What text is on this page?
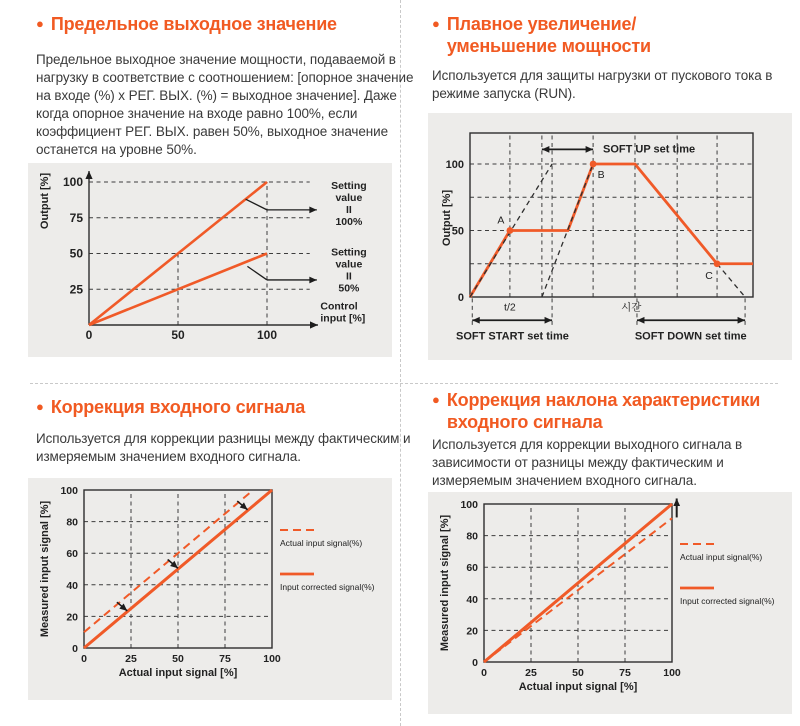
● Предельное выходное значение

Предельное выходное значение мощности, подаваемой в нагрузку в соответствие с соотношением: [опорное значение на входе (%) x РЕГ. ВЫХ. (%) = выходное значение]. Даже когда опорное значение на входе равно 100%, если коэффициент РЕГ. ВЫХ. равен 50%, выходное значение останется на уровне 50%.

Setting
value
II
100%
Setting
value
II
50%
Control
input [%]
0	50	100
25
50
75
100
Output [%]
● Плавное увеличение/
уменьшение мощности

Используется для защиты нагрузки от пускового тока в режиме запуска (RUN).

A
B
C
SOFT UP set time
t/2	시간
SOFT START set time	SOFT DOWN set time
0
50
100
Output [%]
● Коррекция входного сигнала

Используется для коррекции разницы между фактическим и измеряемым значением входного сигнала.

0	25	50	75	100
0
20
40
60
80
100
Measured input signal [%]
Actual input signal [%]
Actual input signal(%)
Input corrected signal(%)
● Коррекция наклона характеристики
входного сигнала

Используется для коррекции выходного сигнала в зависимости от разницы между фактическим и измеряемым значением входного сигнала.

0	25	50	75	100
0
20
40
60
80
100
Measured input signal [%]
Actual input signal [%]
Actual input signal(%)
Input corrected signal(%)
